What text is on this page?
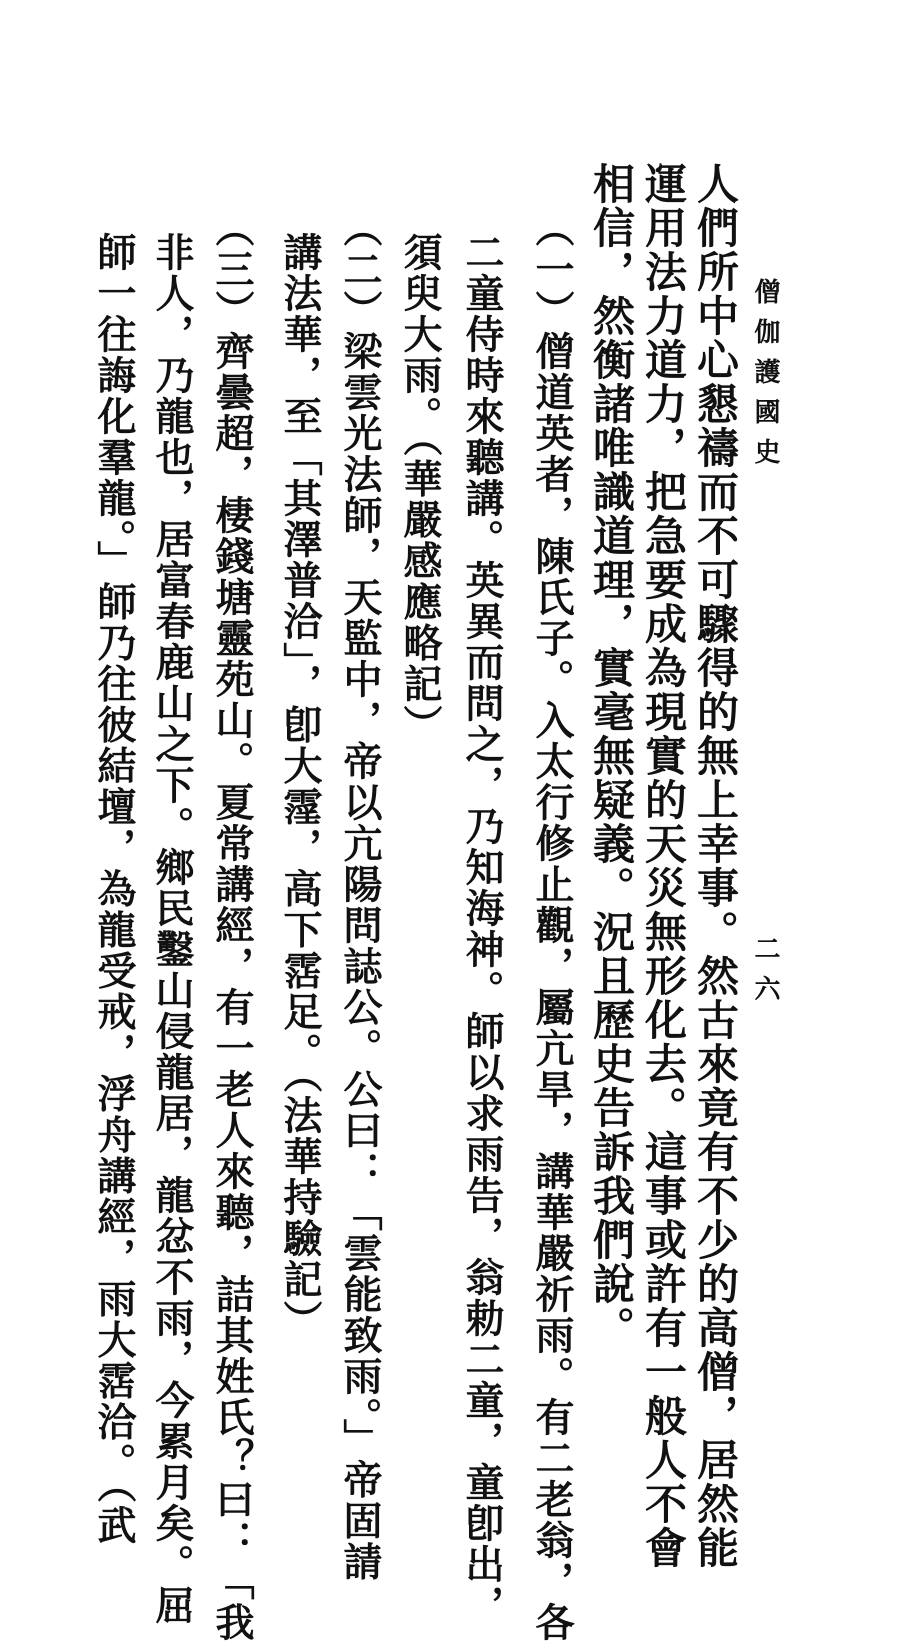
僧伽護國史
二六
人們所中心懇禱而不可驟得的無上幸事。然古來竟有不少的高僧，居然能
運用法力道力，把急要成為現實的天災無形化去。這事或許有一般人不會
相信，然衡諸唯識道理，實毫無疑義。況且歷史告訴我們說。
（一）僧道英者，陳氏子。入太行修止觀，屬亢旱，講華嚴祈雨。有二老翁，各
二童侍時來聽講。英異而問之，乃知海神。師以求雨告，翁勅二童，童卽出，
須臾大雨。（華嚴感應略記）
（二）梁雲光法師，天監中，帝以亢陽問誌公。公曰：「雲能致雨。」帝固請
講法華，至「其澤普洽」，卽大霪，高下霑足。（法華持驗記）
（三）齊曇超，棲錢塘靈苑山。夏常講經，有一老人來聽，詰其姓氏？曰：「我
非人，乃龍也，居富春鹿山之下。鄉民鑿山侵龍居，龍忿不雨，今累月矣。屈
師一往誨化羣龍。」師乃往彼結壇，為龍受戒，浮舟講經，雨大霑洽。（武
